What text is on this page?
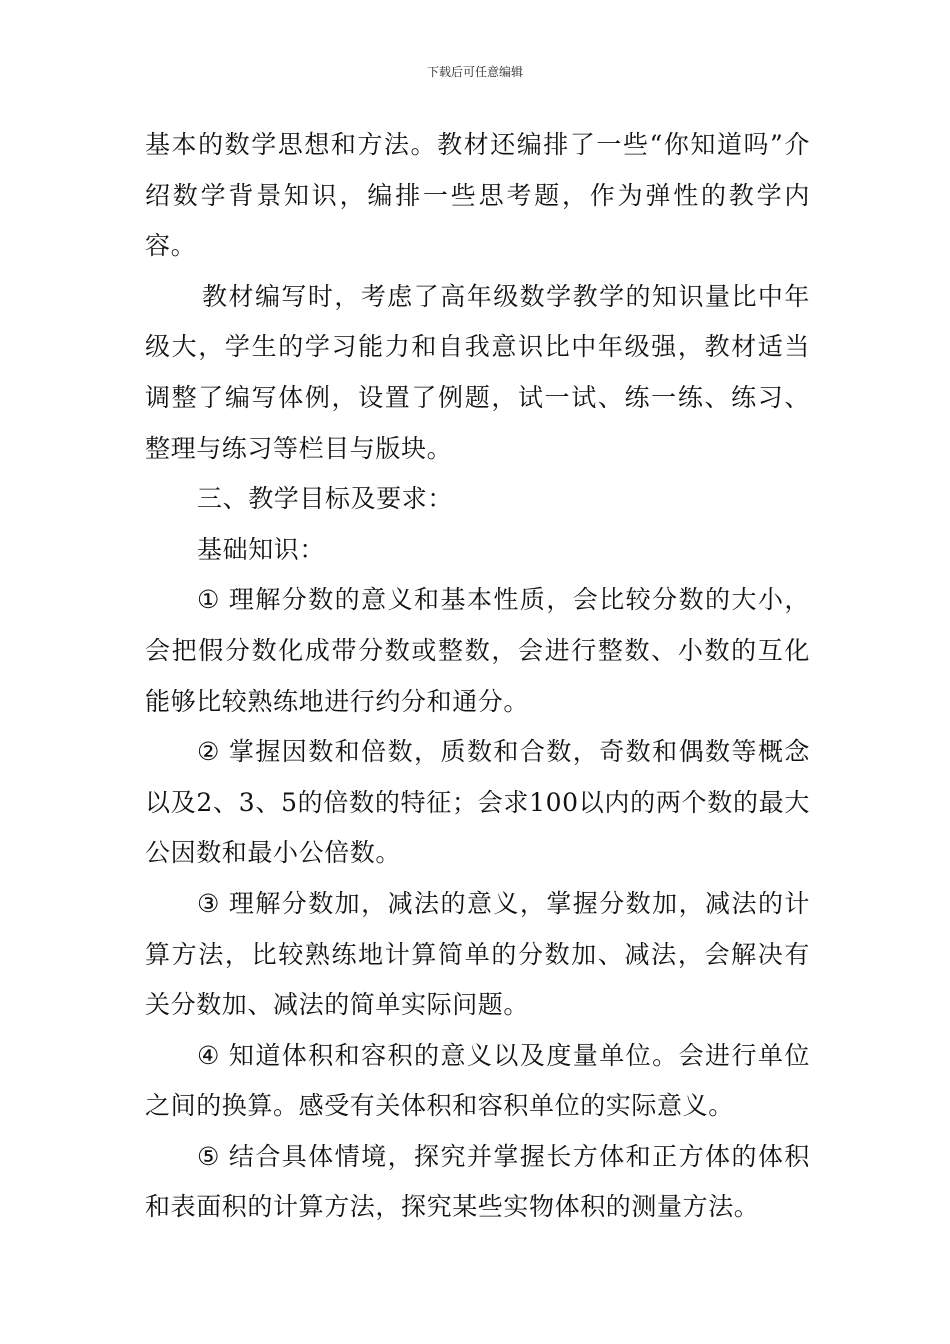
下载后可任意编辑

基本的数学思想和方法。教材还编排了一些“你知道吗”介绍数学背景知识，编排一些思考题，作为弹性的教学内容。

教材编写时，考虑了高年级数学教学的知识量比中年级大，学生的学习能力和自我意识比中年级强，教材适当调整了编写体例，设置了例题，试一试、练一练、练习、整理与练习等栏目与版块。

三、教学目标及要求：

基础知识：

① 理解分数的意义和基本性质，会比较分数的大小，会把假分数化成带分数或整数，会进行整数、小数的互化能够比较熟练地进行约分和通分。

② 掌握因数和倍数，质数和合数，奇数和偶数等概念以及2、3、5的倍数的特征；会求100以内的两个数的最大公因数和最小公倍数。

③ 理解分数加，减法的意义，掌握分数加，减法的计算方法，比较熟练地计算简单的分数加、减法，会解决有关分数加、减法的简单实际问题。

④ 知道体积和容积的意义以及度量单位。会进行单位之间的换算。感受有关体积和容积单位的实际意义。

⑤ 结合具体情境，探究并掌握长方体和正方体的体积和表面积的计算方法，探究某些实物体积的测量方法。
